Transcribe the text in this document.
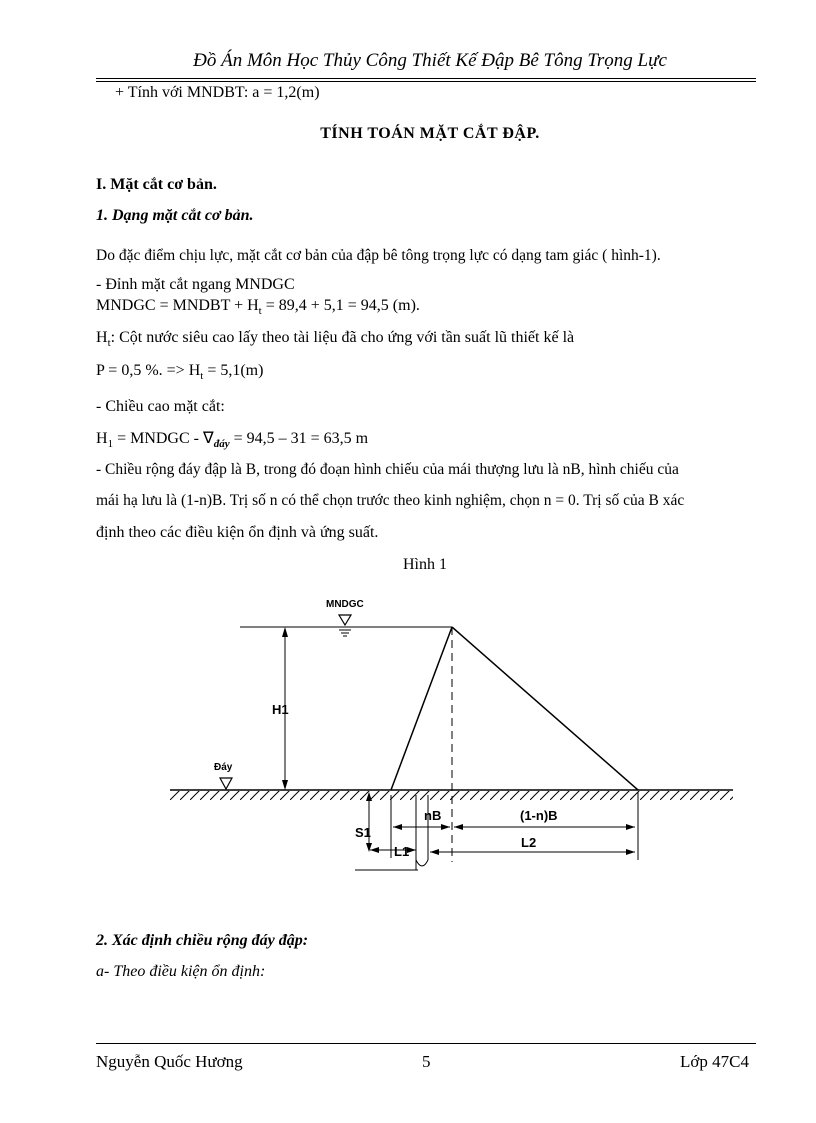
Đồ Án Môn Học Thủy Công Thiết Kế Đập Bê Tông Trọng Lực
+ Tính với MNDBT: a = 1,2(m)
TÍNH TOÁN MẶT CẮT ĐẬP.
I. Mặt cắt cơ bản.
1. Dạng mặt cắt cơ bản.
Do đặc điểm chịu lực, mặt cắt cơ bản của đập bê tông trọng lực có dạng tam giác ( hình-1).
- Đỉnh mặt cắt ngang MNDGC
MNDGC = MNDBT + $H_t = 89,4 + 5,1 = 94,5$ (m).
$H_t$: Cột nước siêu cao lấy theo tài liệu đã cho ứng với tần suất lũ thiết kế là
P = 0,5 %. => $H_t = 5,1(m)$
- Chiều cao mặt cắt:
$H_1$ = MNDGC - $\nabla_{đáy} = 94,5 - 31 = 63,5$ m
- Chiều rộng đáy đập là B, trong đó đoạn hình chiếu của mái thượng lưu là nB, hình chiếu của
mái hạ lưu là (1-n)B. Trị số n có thể chọn trước theo kinh nghiệm, chọn n = 0. Trị số của B xác
định theo các điều kiện ổn định và ứng suất.
Hình 1
H1
MNDGC
Đáy
S1
L1
nB	(1-n)B
L2
2. Xác định chiều rộng đáy đập:
a- Theo điều kiện ổn định:
Nguyễn Quốc Hương	5	Lớp 47C4
